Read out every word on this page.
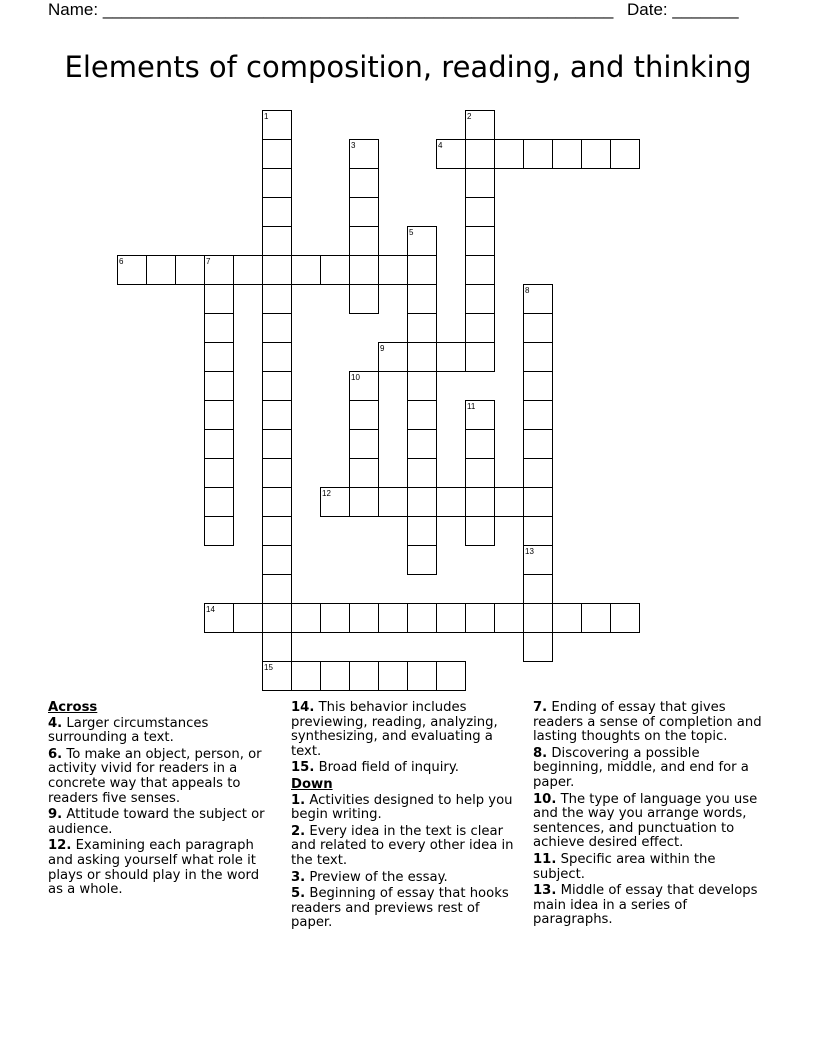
Name: ______________________________________________________ Date: _______
Elements of composition, reading, and thinking
1	2
3	4
5
6	7
8
9
10
11
12
13
14
15
Across
4. Larger circumstances surrounding a text.
6. To make an object, person, or activity vivid for readers in a concrete way that appeals to readers five senses.
9. Attitude toward the subject or audience.
12. Examining each paragraph and asking yourself what role it plays or should play in the word as a whole.
14. This behavior includes previewing, reading, analyzing, synthesizing, and evaluating a text.
15. Broad field of inquiry.
Down
1. Activities designed to help you begin writing.
2. Every idea in the text is clear and related to every other idea in the text.
3. Preview of the essay.
5. Beginning of essay that hooks readers and previews rest of paper.
7. Ending of essay that gives readers a sense of completion and lasting thoughts on the topic.
8. Discovering a possible beginning, middle, and end for a paper.
10. The type of language you use and the way you arrange words, sentences, and punctuation to achieve desired effect.
11. Specific area within the subject.
13. Middle of essay that develops main idea in a series of paragraphs.
